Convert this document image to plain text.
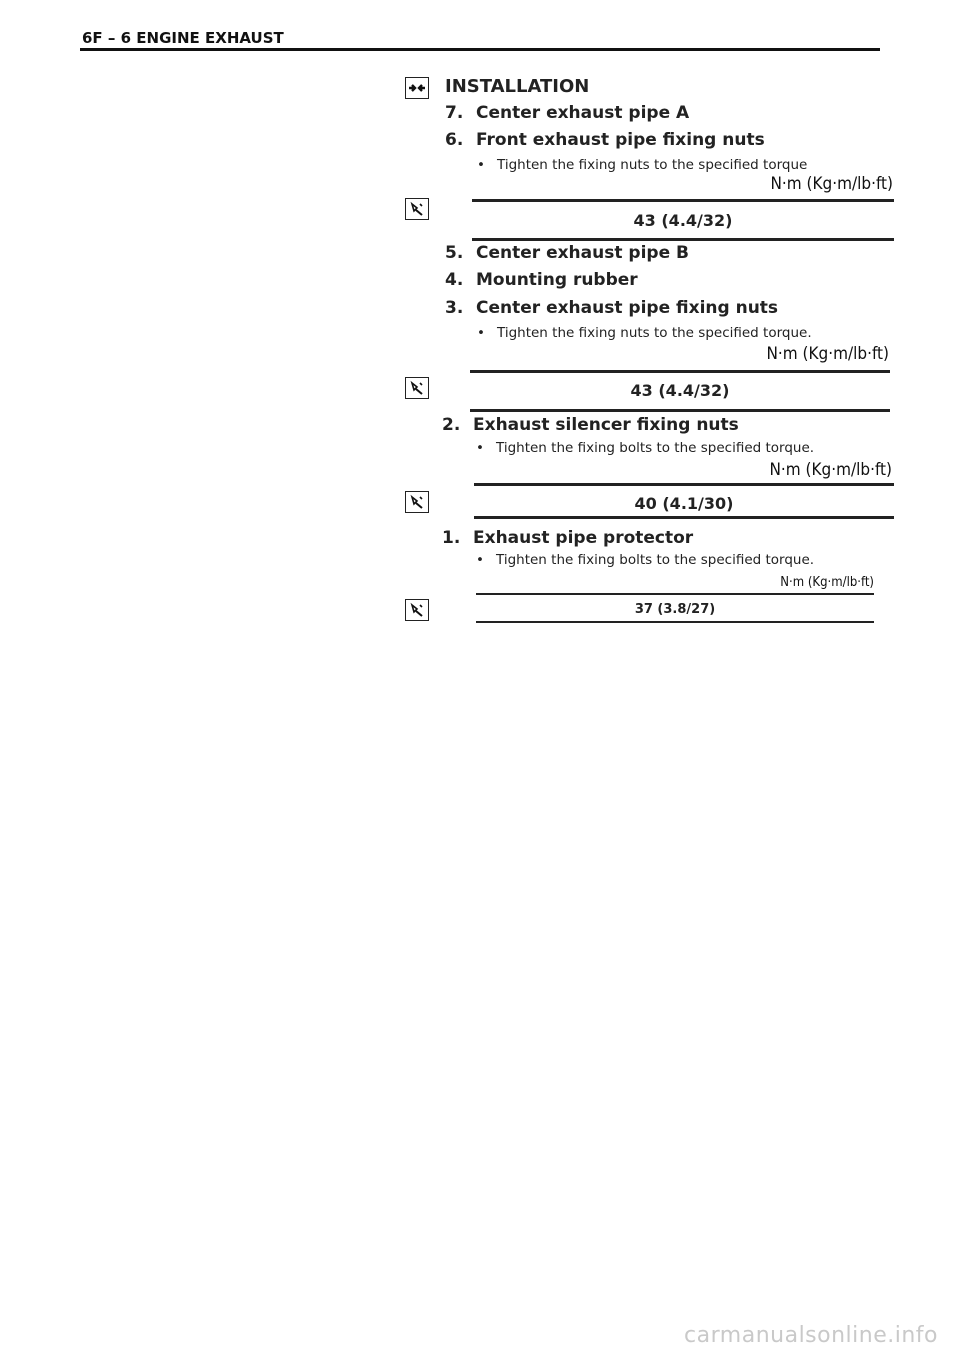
6F – 6 ENGINE EXHAUST
INSTALLATION
7. Center exhaust pipe A
6. Front exhaust pipe fixing nuts
• Tighten the fixing nuts to the specified torque
N·m (Kg·m/lb·ft)
43 (4.4/32)
5. Center exhaust pipe B
4. Mounting rubber
3. Center exhaust pipe fixing nuts
• Tighten the fixing nuts to the specified torque.
N·m (Kg·m/lb·ft)
43 (4.4/32)
2. Exhaust silencer fixing nuts
• Tighten the fixing bolts to the specified torque.
N·m (Kg·m/lb·ft)
40 (4.1/30)
1. Exhaust pipe protector
• Tighten the fixing bolts to the specified torque.
N·m (Kg·m/lb·ft)
37 (3.8/27)
carmanualsonline.info
